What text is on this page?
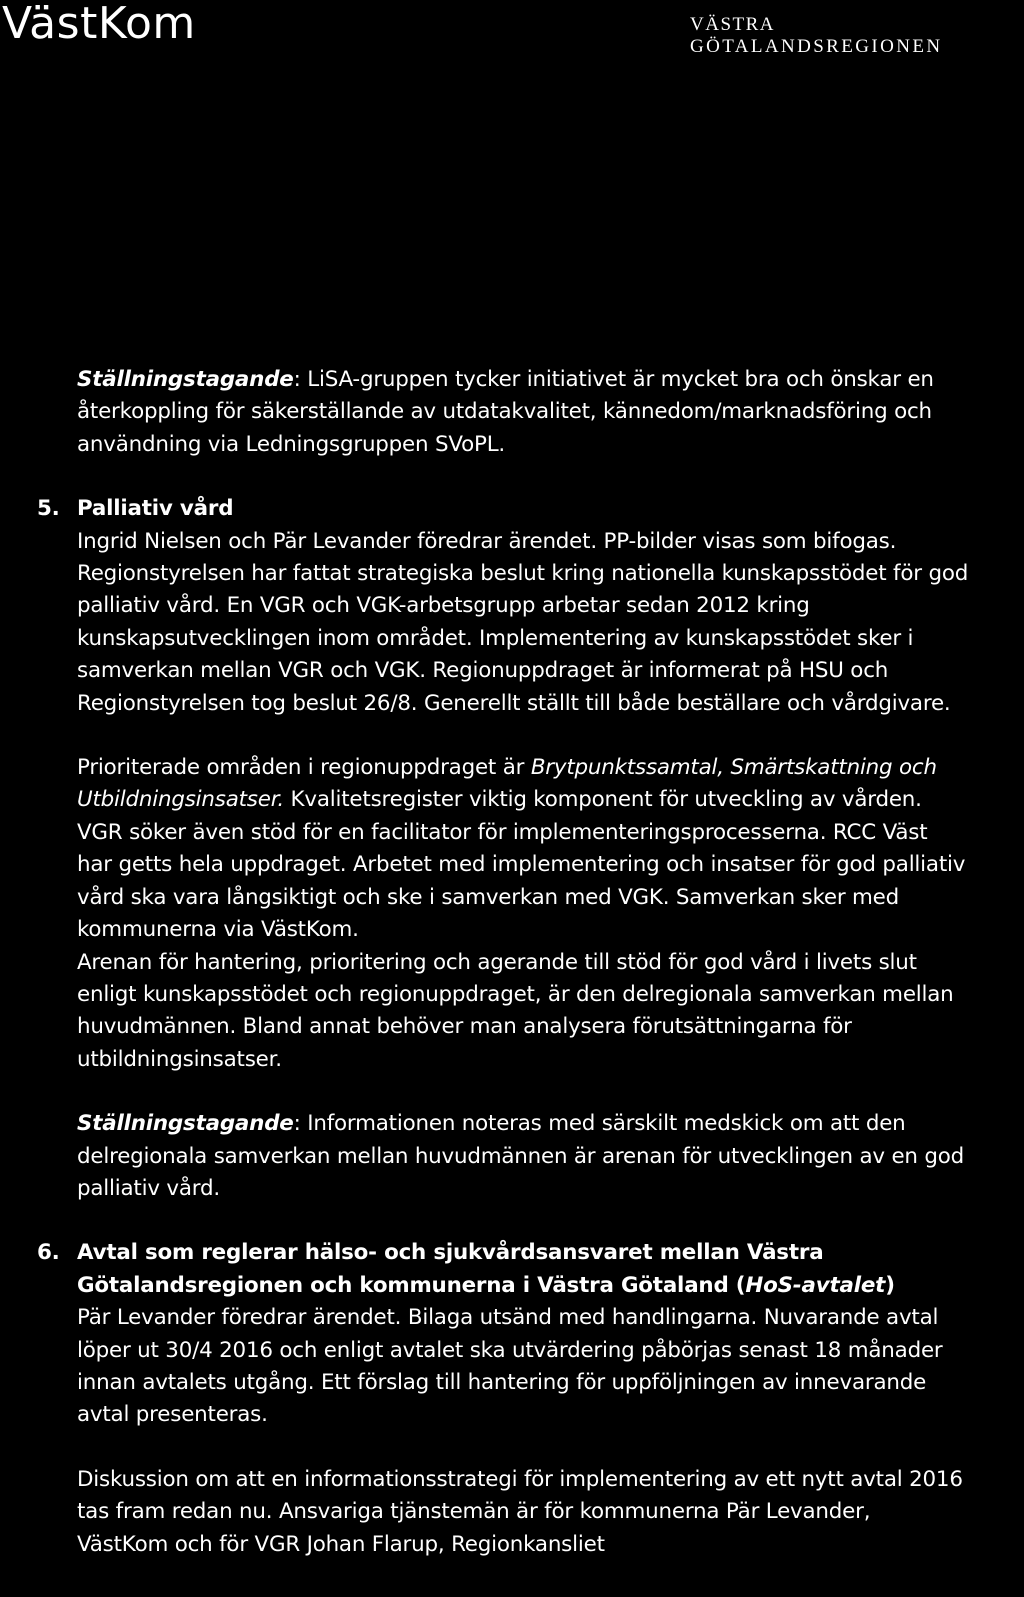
VästKom	VÄSTRA
GÖTALANDSREGIONEN
Ställningstagande: LiSA-gruppen tycker initiativet är mycket bra och önskar en
återkoppling för säkerställande av utdatakvalitet, kännedom/marknadsföring och
användning via Ledningsgruppen SVoPL.
5. Palliativ vård
Ingrid Nielsen och Pär Levander föredrar ärendet. PP-bilder visas som bifogas.
Regionstyrelsen har fattat strategiska beslut kring nationella kunskapsstödet för god
palliativ vård. En VGR och VGK-arbetsgrupp arbetar sedan 2012 kring
kunskapsutvecklingen inom området. Implementering av kunskapsstödet sker i
samverkan mellan VGR och VGK. Regionuppdraget är informerat på HSU och
Regionstyrelsen tog beslut 26/8. Generellt ställt till både beställare och vårdgivare.
Prioriterade områden i regionuppdraget är Brytpunktssamtal, Smärtskattning och
Utbildningsinsatser. Kvalitetsregister viktig komponent för utveckling av vården.
VGR söker även stöd för en facilitator för implementeringsprocesserna. RCC Väst
har getts hela uppdraget. Arbetet med implementering och insatser för god palliativ
vård ska vara långsiktigt och ske i samverkan med VGK. Samverkan sker med
kommunerna via VästKom.
Arenan för hantering, prioritering och agerande till stöd för god vård i livets slut
enligt kunskapsstödet och regionuppdraget, är den delregionala samverkan mellan
huvudmännen. Bland annat behöver man analysera förutsättningarna för
utbildningsinsatser.
Ställningstagande: Informationen noteras med särskilt medskick om att den
delregionala samverkan mellan huvudmännen är arenan för utvecklingen av en god
palliativ vård.
6. Avtal som reglerar hälso- och sjukvårdsansvaret mellan Västra
Götalandsregionen och kommunerna i Västra Götaland (HoS-avtalet)
Pär Levander föredrar ärendet. Bilaga utsänd med handlingarna. Nuvarande avtal
löper ut 30/4 2016 och enligt avtalet ska utvärdering påbörjas senast 18 månader
innan avtalets utgång. Ett förslag till hantering för uppföljningen av innevarande
avtal presenteras.
Diskussion om att en informationsstrategi för implementering av ett nytt avtal 2016
tas fram redan nu. Ansvariga tjänstemän är för kommunerna Pär Levander,
VästKom och för VGR Johan Flarup, Regionkansliet
